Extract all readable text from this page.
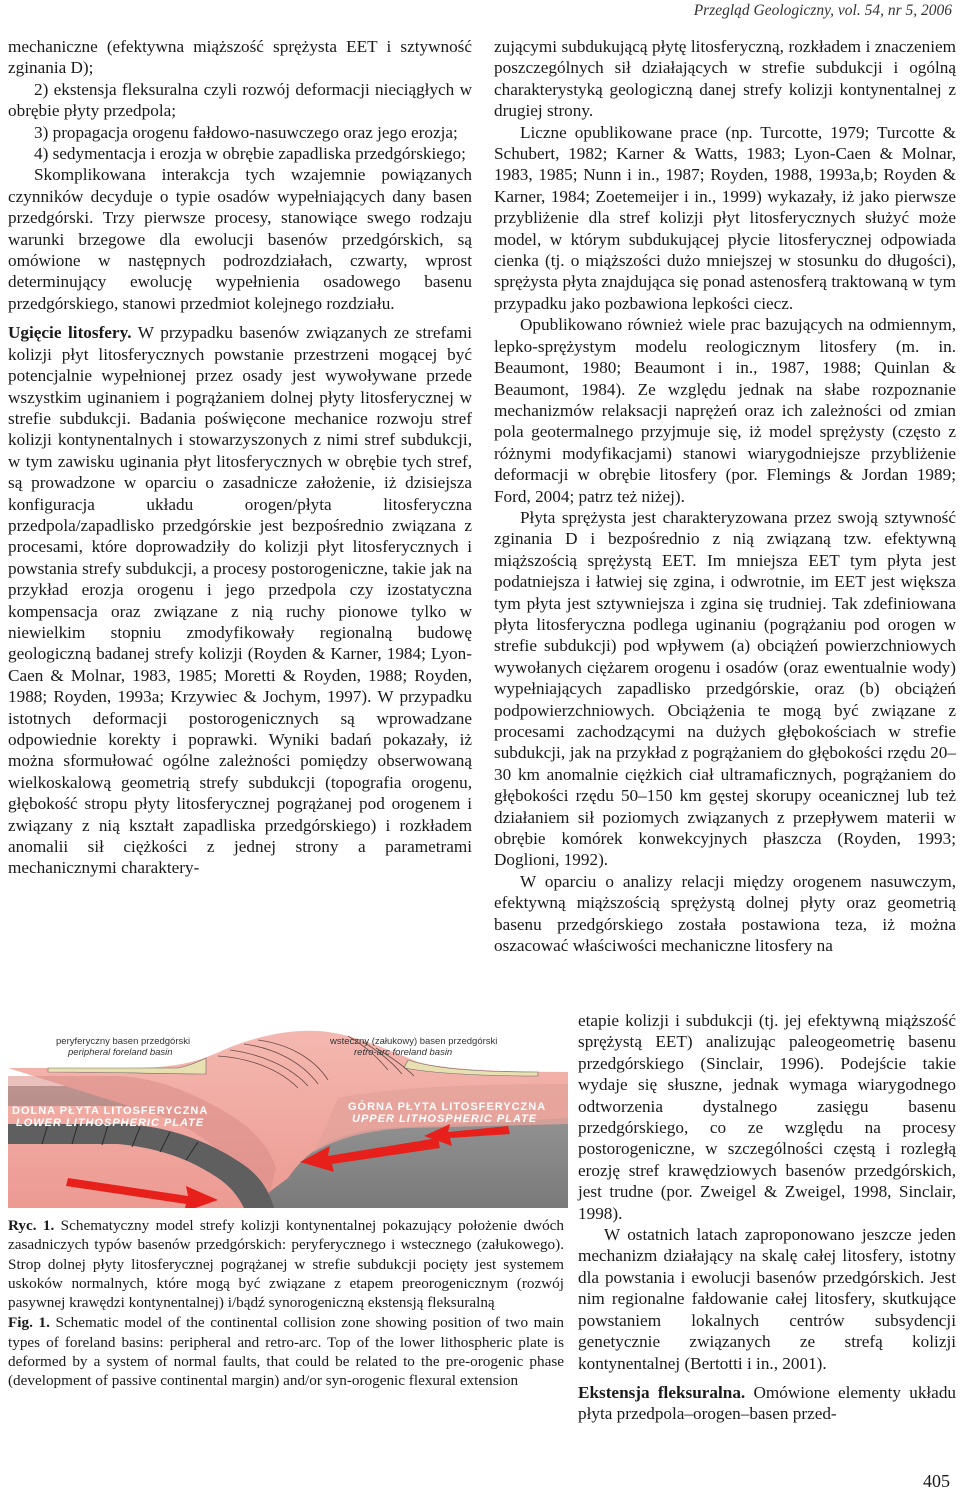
Przegląd Geologiczny, vol. 54, nr 5, 2006

mechaniczne (efektywna miąższość sprężysta EET i sztywność zginania D);

2) ekstensja fleksuralna czyli rozwój deformacji nieciągłych w obrębie płyty przedpola;

3) propagacja orogenu fałdowo-nasuwczego oraz jego erozja;

4) sedymentacja i erozja w obrębie zapadliska przedgórskiego;

Skomplikowana interakcja tych wzajemnie powiązanych czynników decyduje o typie osadów wypełniających dany basen przedgórski. Trzy pierwsze procesy, stanowiące swego rodzaju warunki brzegowe dla ewolucji basenów przedgórskich, są omówione w następnych podrozdziałach, czwarty, wprost determinujący ewolucję wypełnienia osadowego basenu przedgórskiego, stanowi przedmiot kolejnego rozdziału.

Ugięcie litosfery. W przypadku basenów związanych ze strefami kolizji płyt litosferycznych powstanie przestrzeni mogącej być potencjalnie wypełnionej przez osady jest wywoływane przede wszystkim uginaniem i pogrążaniem dolnej płyty litosferycznej w strefie subdukcji. Badania poświęcone mechanice rozwoju stref kolizji kontynentalnych i stowarzyszonych z nimi stref subdukcji, w tym zawisku uginania płyt litosferycznych w obrębie tych stref, są prowadzone w oparciu o zasadnicze założenie, iż dzisiejsza konfiguracja układu orogen/płyta litosferyczna przedpola/zapadlisko przedgórskie jest bezpośrednio związana z procesami, które doprowadziły do kolizji płyt litosferycznych i powstania strefy subdukcji, a procesy postorogeniczne, takie jak na przykład erozja orogenu i jego przedpola czy izostatyczna kompensacja oraz związane z nią ruchy pionowe tylko w niewielkim stopniu zmodyfikowały regionalną budowę geologiczną badanej strefy kolizji (Royden & Karner, 1984; Lyon-Caen & Molnar, 1983, 1985; Moretti & Royden, 1988; Royden, 1988; Royden, 1993a; Krzywiec & Jochym, 1997). W przypadku istotnych deformacji postorogenicznych są wprowadzane odpowiednie korekty i poprawki. Wyniki badań pokazały, iż można sformułować ogólne zależności pomiędzy obserwowaną wielkoskalową geometrią strefy subdukcji (topografia orogenu, głębokość stropu płyty litosferycznej pogrążanej pod orogenem i związany z nią kształt zapadliska przedgórskiego) i rozkładem anomalii sił ciężkości z jednej strony a parametrami mechanicznymi charaktery-

zującymi subdukującą płytę litosferyczną, rozkładem i znaczeniem poszczególnych sił działających w strefie subdukcji i ogólną charakterystyką geologiczną danej strefy kolizji kontynentalnej z drugiej strony.

Liczne opublikowane prace (np. Turcotte, 1979; Turcotte & Schubert, 1982; Karner & Watts, 1983; Lyon-Caen & Molnar, 1983, 1985; Nunn i in., 1987; Royden, 1988, 1993a,b; Royden & Karner, 1984; Zoetemeijer i in., 1999) wykazały, iż jako pierwsze przybliżenie dla stref kolizji płyt litosferycznych służyć może model, w którym subdukującej płycie litosferycznej odpowiada cienka (tj. o miąższości dużo mniejszej w stosunku do długości), sprężysta płyta znajdująca się ponad astenosferą traktowaną w tym przypadku jako pozbawiona lepkości ciecz.

Opublikowano również wiele prac bazujących na odmiennym, lepko-sprężystym modelu reologicznym litosfery (m. in. Beaumont, 1980; Beaumont i in., 1987, 1988; Quinlan & Beaumont, 1984). Ze względu jednak na słabe rozpoznanie mechanizmów relaksacji naprężeń oraz ich zależności od zmian pola geotermalnego przyjmuje się, iż model sprężysty (często z różnymi modyfikacjami) stanowi wiarygodniejsze przybliżenie deformacji w obrębie litosfery (por. Flemings & Jordan 1989; Ford, 2004; patrz też niżej).

Płyta sprężysta jest charakteryzowana przez swoją sztywność zginania D i bezpośrednio z nią związaną tzw. efektywną miąższością sprężystą EET. Im mniejsza EET tym płyta jest podatniejsza i łatwiej się zgina, i odwrotnie, im EET jest większa tym płyta jest sztywniejsza i zgina się trudniej. Tak zdefiniowana płyta litosferyczna podlega uginaniu (pogrążaniu pod orogen w strefie subdukcji) pod wpływem (a) obciążeń powierzchniowych wywołanych ciężarem orogenu i osadów (oraz ewentualnie wody) wypełniających zapadlisko przedgórskie, oraz (b) obciążeń podpowierzchniowych. Obciążenia te mogą być związane z procesami zachodzącymi na dużych głębokościach w strefie subdukcji, jak na przykład z pogrążaniem do głębokości rzędu 20–30 km anomalnie ciężkich ciał ultramaficznych, pogrążaniem do głębokości rzędu 50–150 km gęstej skorupy oceanicznej lub też działaniem sił poziomych związanych z przepływem materii w obrębie komórek konwekcyjnych płaszcza (Royden, 1993; Doglioni, 1992).

W oparciu o analizy relacji między orogenem nasuwczym, efektywną miąższością sprężystą dolnej płyty oraz geometrią basenu przedgórskiego została postawiona teza, iż można oszacować właściwości mechaniczne litosfery na

etapie kolizji i subdukcji (tj. jej efektywną miąższość sprężystą EET) analizując paleogeometrię basenu przedgórskiego (Sinclair, 1996). Podejście takie wydaje się słuszne, jednak wymaga wiarygodnego odtworzenia dystalnego zasięgu basenu przedgórskiego, co ze względu na procesy postorogeniczne, w szczególności częstą i rozległą erozję stref krawędziowych basenów przedgórskich, jest trudne (por. Zweigel & Zweigel, 1998, Sinclair, 1998).

W ostatnich latach zaproponowano jeszcze jeden mechanizm działający na skalę całej litosfery, istotny dla powstania i ewolucji basenów przedgórskich. Jest nim regionalne fałdowanie całej litosfery, skutkujące powstaniem lokalnych centrów subsydencji genetycznie związanych ze strefą kolizji kontynentalnej (Bertotti i in., 2001).

Ekstensja fleksuralna. Omówione elementy układu płyta przedpola–orogen–basen przed-

peryferyczny basen przedgórski
peripheral foreland basin
wsteczny (załukowy) basen przedgórski
retro-arc foreland basin
DOLNA PŁYTA LITOSFERYCZNA
LOWER LITHOSPHERIC PLATE
GÓRNA PŁYTA LITOSFERYCZNA
UPPER LITHOSPHERIC PLATE

Ryc. 1. Schematyczny model strefy kolizji kontynentalnej pokazujący położenie dwóch zasadniczych typów basenów przedgórskich: peryferycznego i wstecznego (załukowego). Strop dolnej płyty litosferycznej pogrążanej w strefie subdukcji pocięty jest systemem uskoków normalnych, które mogą być związane z etapem preorogenicznym (rozwój pasywnej krawędzi kontynentalnej) i/bądź synorogeniczną ekstensją fleksuralną

Fig. 1. Schematic model of the continental collision zone showing position of two main types of foreland basins: peripheral and retro-arc. Top of the lower lithospheric plate is deformed by a system of normal faults, that could be related to the pre-orogenic phase (development of passive continental margin) and/or syn-orogenic flexural extension

405
